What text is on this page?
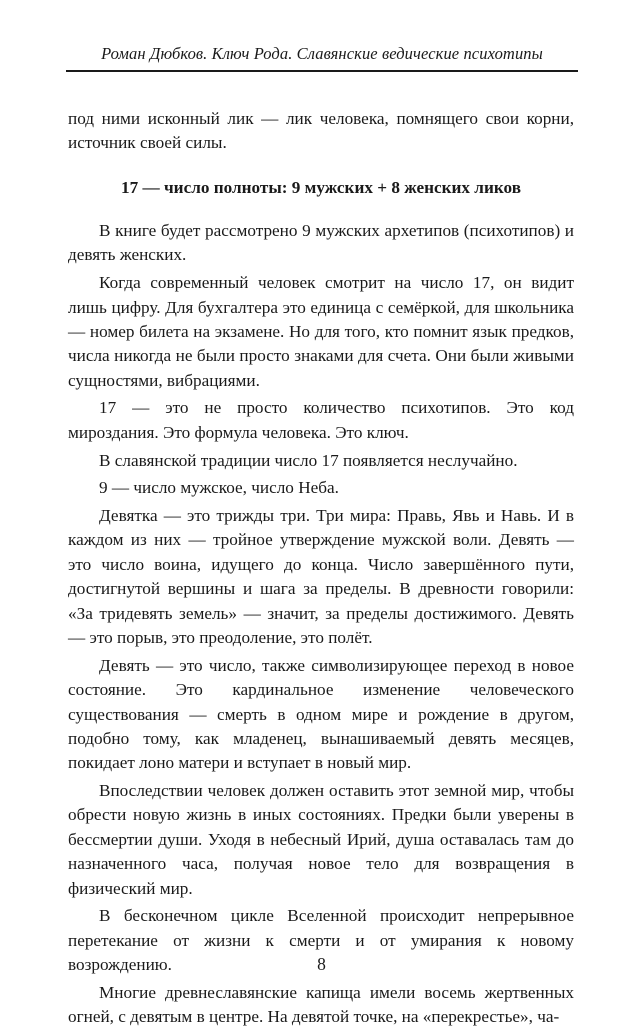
Роман Дюбков. Ключ Рода. Славянские ведические психотипы

под ними исконный лик — лик человека, помнящего свои корни, источник своей силы.

17 — число полноты: 9 мужских + 8 женских ликов

В книге будет рассмотрено 9 мужских архетипов (психотипов) и девять женских.

Когда современный человек смотрит на число 17, он видит лишь цифру. Для бухгалтера это единица с семёркой, для школьника — номер билета на экзамене. Но для того, кто помнит язык предков, числа никогда не были просто знаками для счета. Они были живыми сущностями, вибрациями.

17 — это не просто количество психотипов. Это код мироздания. Это формула человека. Это ключ.

В славянской традиции число 17 появляется неслучайно.

9 — число мужское, число Неба.

Девятка — это трижды три. Три мира: Правь, Явь и Навь. И в каждом из них — тройное утверждение мужской воли. Девять — это число воина, идущего до конца. Число завершённого пути, достигнутой вершины и шага за пределы. В древности говорили: «За тридевять земель» — значит, за пределы достижимого. Девять — это порыв, это преодоление, это полёт.

Девять — это число, также символизирующее переход в новое состояние. Это кардинальное изменение человеческого существования — смерть в одном мире и рождение в другом, подобно тому, как младенец, вынашиваемый девять месяцев, покидает лоно матери и вступает в новый мир.

Впоследствии человек должен оставить этот земной мир, чтобы обрести новую жизнь в иных состояниях. Предки были уверены в бессмертии души. Уходя в небесный Ирий, душа оставалась там до назначенного часа, получая новое тело для возвращения в физический мир.

В бесконечном цикле Вселенной происходит непрерывное перетекание от жизни к смерти и от умирания к новому возрождению.

Многие древнеславянские капища имели восемь жертвенных огней, с девятым в центре. На девятой точке, на «перекрестье», ча-

8
